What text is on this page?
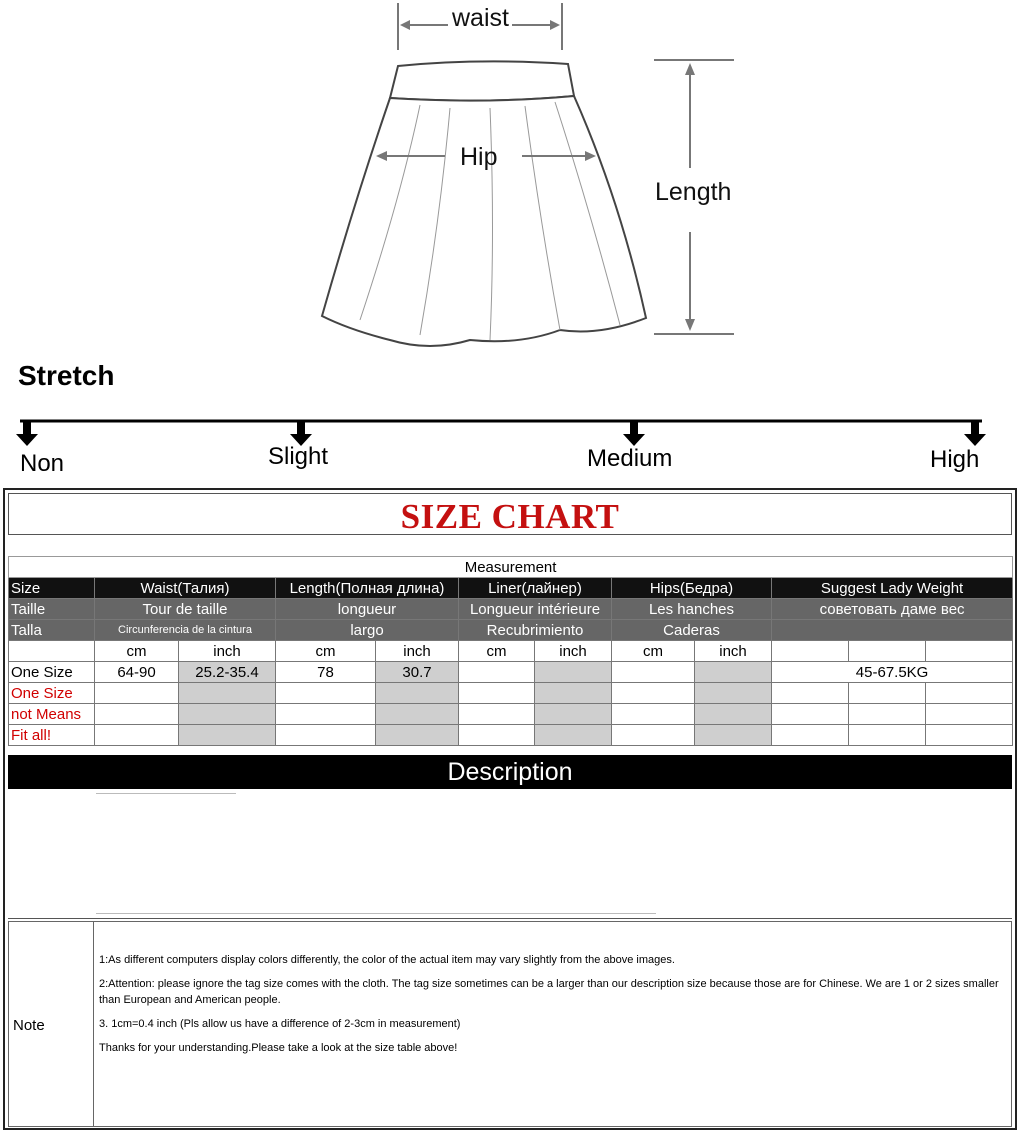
waist
Hip
Length
Stretch
Non	Slight	Medium	High
SIZE CHART
Measurement											
Size	Waist(Талия)		Length(Полная длина)		Liner(лайнер)		Hips(Бедра)		Suggest Lady Weight		
Taille	Tour de taille		longueur		Longueur intérieure		Les hanches		советовать даме вес		
Talla	Circunferencia de la cintura		largo		Recubrimiento		Caderas				
	cm	inch	cm	inch	cm	inch	cm	inch			
One Size	64-90	25.2-35.4	78	30.7					45-67.5KG		
One Size											
not Means											
Fit all!											
Description
Note

1:As different computers display colors differently, the color of the actual item may vary slightly from the above images.

2:Attention: please ignore the tag size comes with the cloth. The tag size sometimes can be a larger than our description size because those are for Chinese. We are 1 or 2 sizes smaller than European and American people.

3. 1cm=0.4 inch (Pls allow us have a difference of 2-3cm in measurement)

Thanks for your understanding.Please take a look at the size table above!
